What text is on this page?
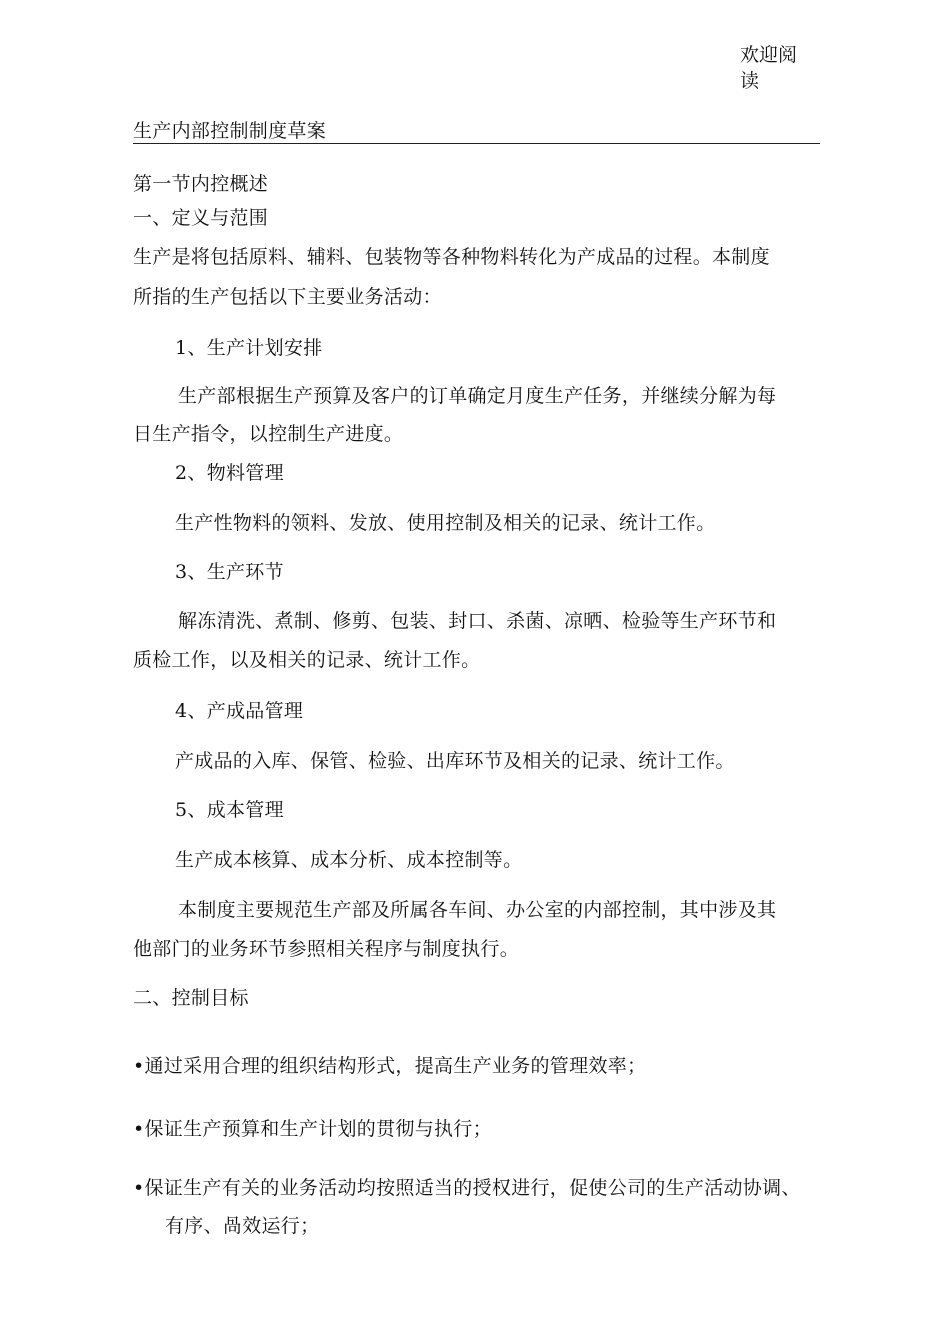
欢迎阅读
生产内部控制制度草案
第一节内控概述
一、定义与范围
生产是将包括原料、辅料、包装物等各种物料转化为产成品的过程。本制度
所指的生产包括以下主要业务活动：
1、生产计划安排
生产部根据生产预算及客户的订单确定月度生产任务，并继续分解为每
日生产指令，以控制生产进度。
2、物料管理
生产性物料的领料、发放、使用控制及相关的记录、统计工作。
3、生产环节
解冻清洗、煮制、修剪、包装、封口、杀菌、凉晒、检验等生产环节和
质检工作，以及相关的记录、统计工作。
4、产成品管理
产成品的入库、保管、检验、出库环节及相关的记录、统计工作。
5、成本管理
生产成本核算、成本分析、成本控制等。
本制度主要规范生产部及所属各车间、办公室的内部控制，其中涉及其
他部门的业务环节参照相关程序与制度执行。
二、控制目标
•通过采用合理的组织结构形式，提高生产业务的管理效率；
•保证生产预算和生产计划的贯彻与执行；
•保证生产有关的业务活动均按照适当的授权进行，促使公司的生产活动协调、
有序、咼效运行；
